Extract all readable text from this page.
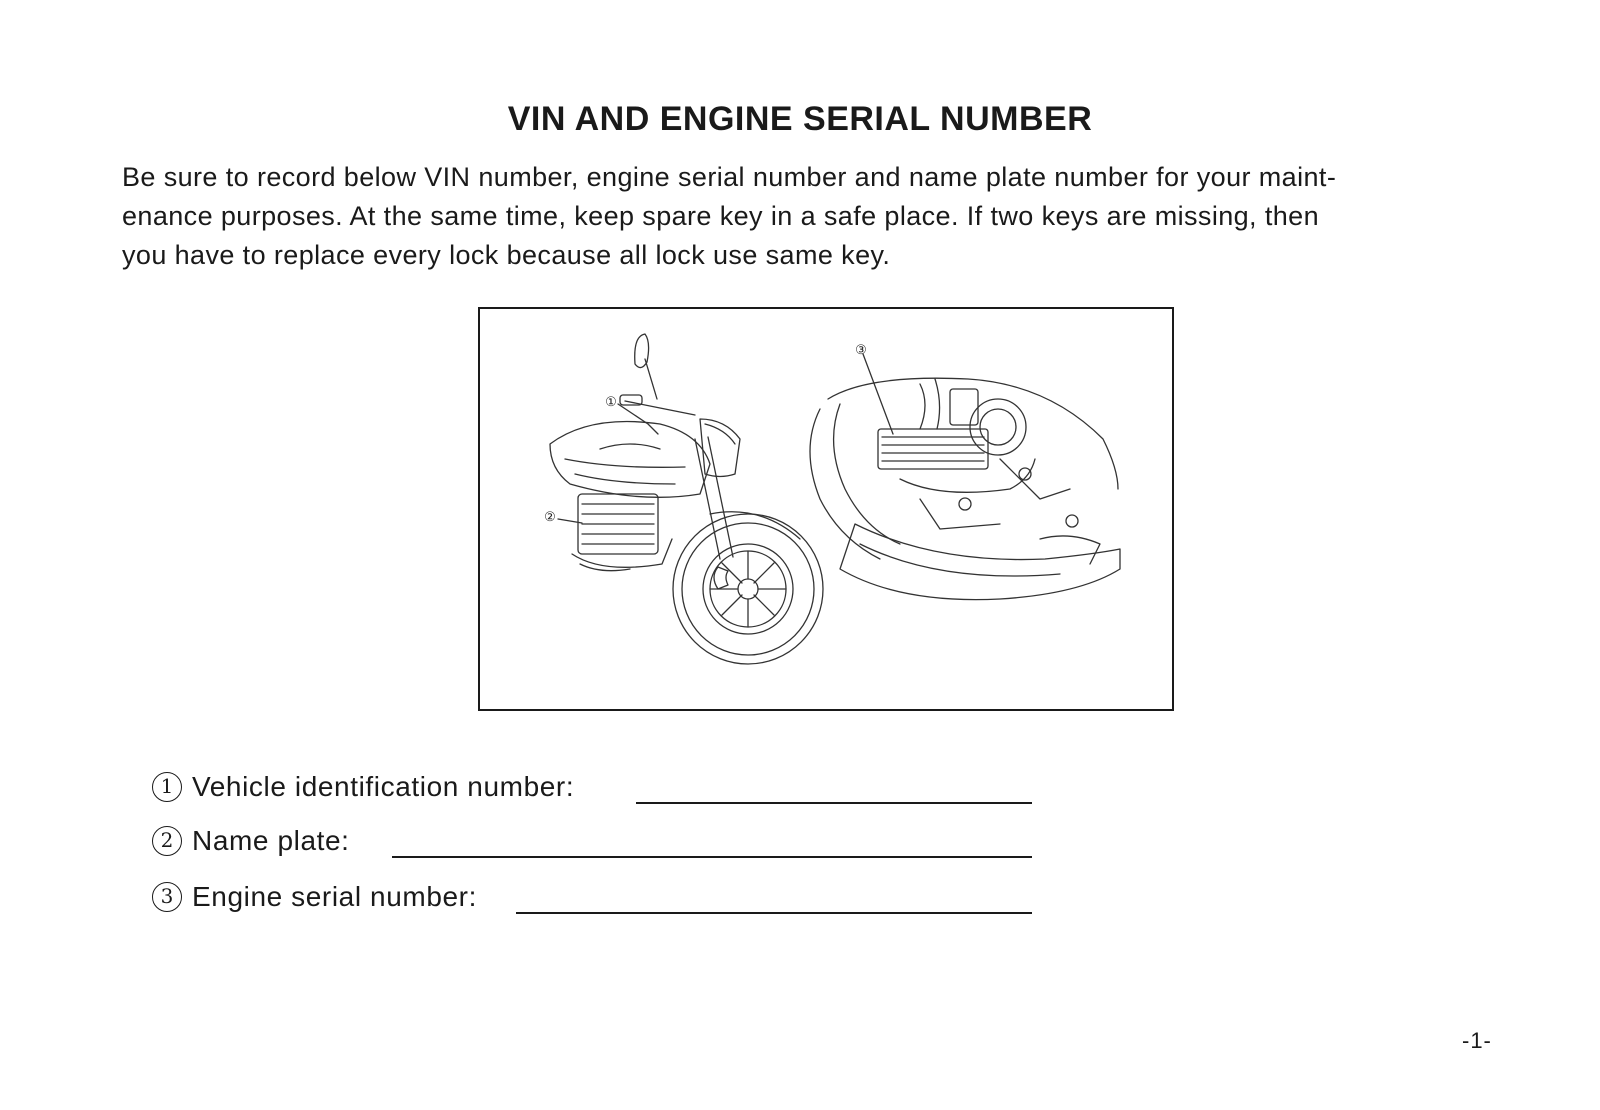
VIN AND ENGINE SERIAL NUMBER

Be sure to record below VIN number, engine serial number and name plate number for your maint-

enance purposes. At the same time, keep spare key in a safe place. If two keys are missing, then

you have to replace every lock because all lock use same key.

①
②
③
1 Vehicle identification number:
2 Name plate:
3 Engine serial number:
-1-
